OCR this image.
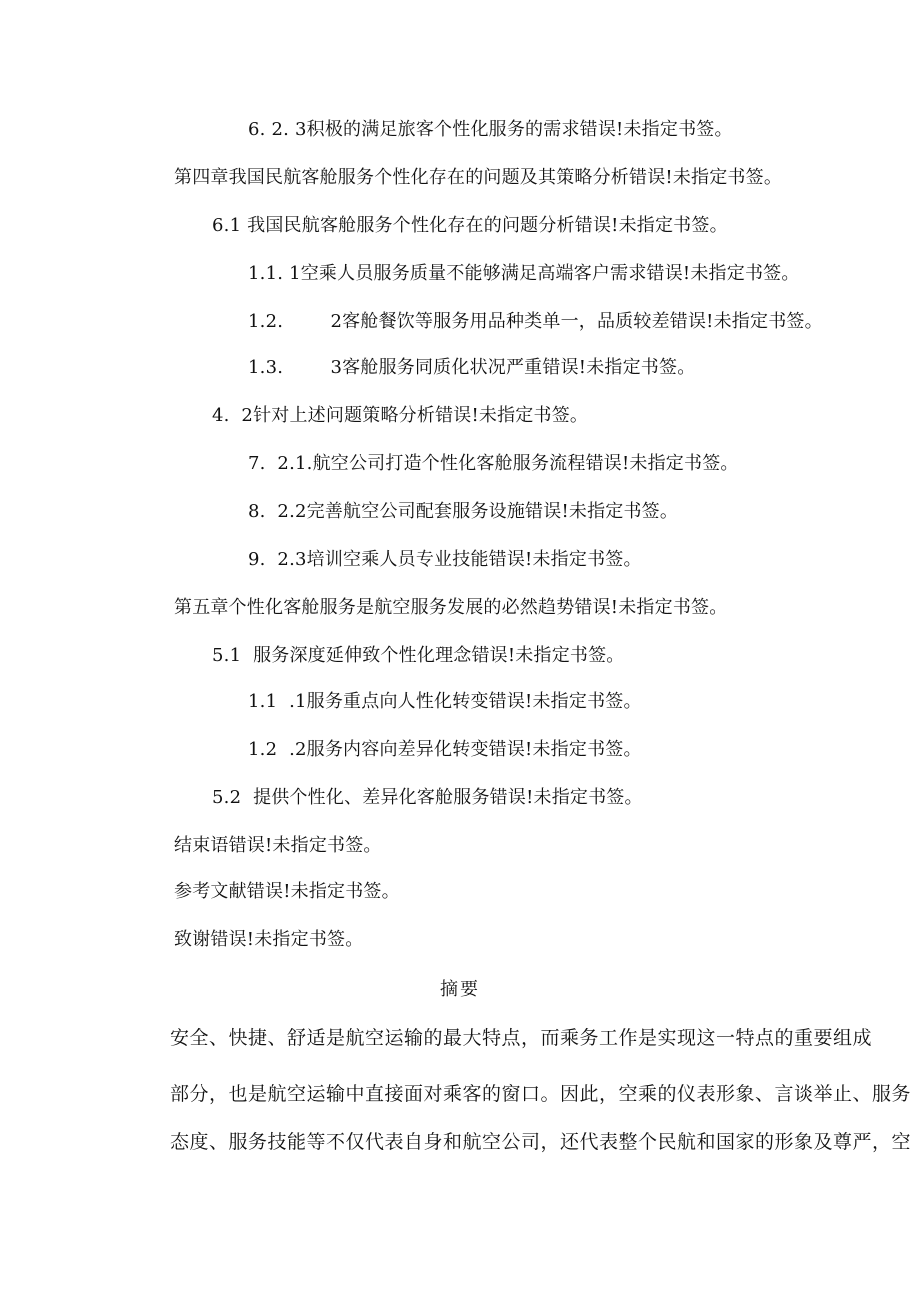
6. 2. 3积极的满足旅客个性化服务的需求错误!未指定书签。
第四章我国民航客舱服务个性化存在的问题及其策略分析错误!未指定书签。
6.1 我国民航客舱服务个性化存在的问题分析错误!未指定书签。
1.1. 1空乘人员服务质量不能够满足高端客户需求错误!未指定书签。
1.2.        2客舱餐饮等服务用品种类单一，品质较差错误!未指定书签。
1.3.        3客舱服务同质化状况严重错误!未指定书签。
4.  2针对上述问题策略分析错误!未指定书签。
7.  2.1.航空公司打造个性化客舱服务流程错误!未指定书签。
8.  2.2完善航空公司配套服务设施错误!未指定书签。
9.  2.3培训空乘人员专业技能错误!未指定书签。
第五章个性化客舱服务是航空服务发展的必然趋势错误!未指定书签。
5.1  服务深度延伸致个性化理念错误!未指定书签。
1.1  .1服务重点向人性化转变错误!未指定书签。
1.2  .2服务内容向差异化转变错误!未指定书签。
5.2  提供个性化、差异化客舱服务错误!未指定书签。
结束语错误!未指定书签。
参考文献错误!未指定书签。
致谢错误!未指定书签。
摘要
安全、快捷、舒适是航空运输的最大特点，而乘务工作是实现这一特点的重要组成
部分，也是航空运输中直接面对乘客的窗口。因此，空乘的仪表形象、言谈举止、服务
态度、服务技能等不仅代表自身和航空公司，还代表整个民航和国家的形象及尊严，空
